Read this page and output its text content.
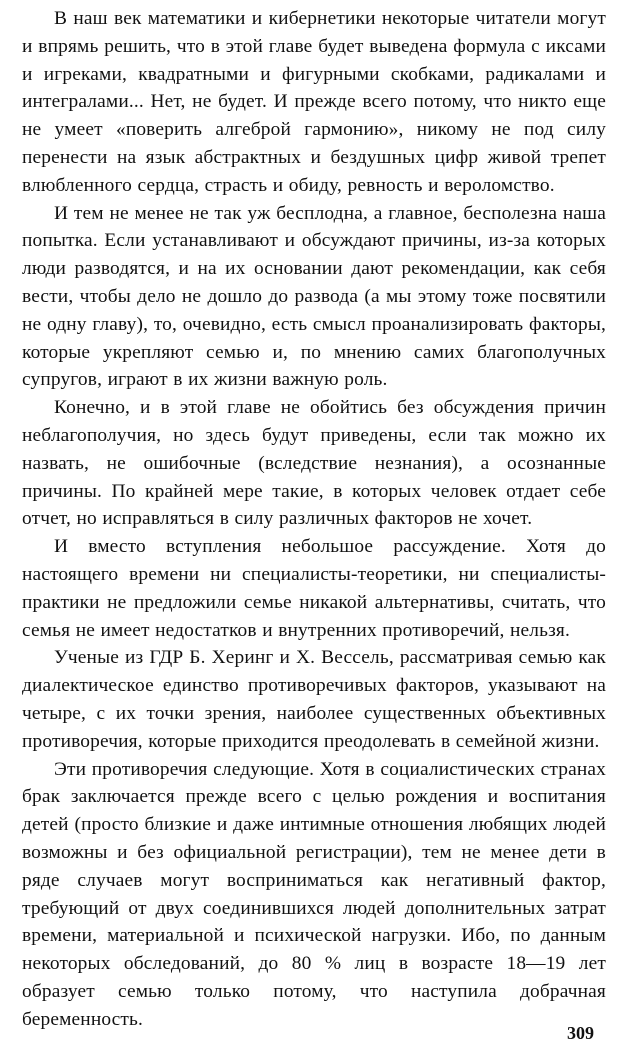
В наш век математики и кибернетики некоторые читатели могут и впрямь решить, что в этой главе будет выведена формула с иксами и игреками, квадратными и фигурными скобками, радикалами и интегралами... Нет, не будет. И прежде всего потому, что никто еще не умеет «поверить алгеброй гармонию», никому не под силу перенести на язык абстрактных и бездушных цифр живой трепет влюбленного сердца, страсть и обиду, ревность и вероломство.

И тем не менее не так уж бесплодна, а главное, бесполезна наша попытка. Если устанавливают и обсуждают причины, из-за которых люди разводятся, и на их основании дают рекомендации, как себя вести, чтобы дело не дошло до развода (а мы этому тоже посвятили не одну главу), то, очевидно, есть смысл проанализировать факторы, которые укрепляют семью и, по мнению самих благополучных супругов, играют в их жизни важную роль.

Конечно, и в этой главе не обойтись без обсуждения причин неблагополучия, но здесь будут приведены, если так можно их назвать, не ошибочные (вследствие незнания), а осознанные причины. По крайней мере такие, в которых человек отдает себе отчет, но исправляться в силу различных факторов не хочет.

И вместо вступления небольшое рассуждение. Хотя до настоящего времени ни специалисты-теоретики, ни специалисты-практики не предложили семье никакой альтернативы, считать, что семья не имеет недостатков и внутренних противоречий, нельзя.

Ученые из ГДР Б. Херинг и Х. Вессель, рассматривая семью как диалектическое единство противоречивых факторов, указывают на четыре, с их точки зрения, наиболее существенных объективных противоречия, которые приходится преодолевать в семейной жизни.

Эти противоречия следующие. Хотя в социалистических странах брак заключается прежде всего с целью рождения и воспитания детей (просто близкие и даже интимные отношения любящих людей возможны и без официальной регистрации), тем не менее дети в ряде случаев могут восприниматься как негативный фактор, требующий от двух соединившихся людей дополнительных затрат времени, материальной и психической нагрузки. Ибо, по данным некоторых обследований, до 80 % лиц в возрасте 18—19 лет образует семью только потому, что наступила добрачная беременность.

309
